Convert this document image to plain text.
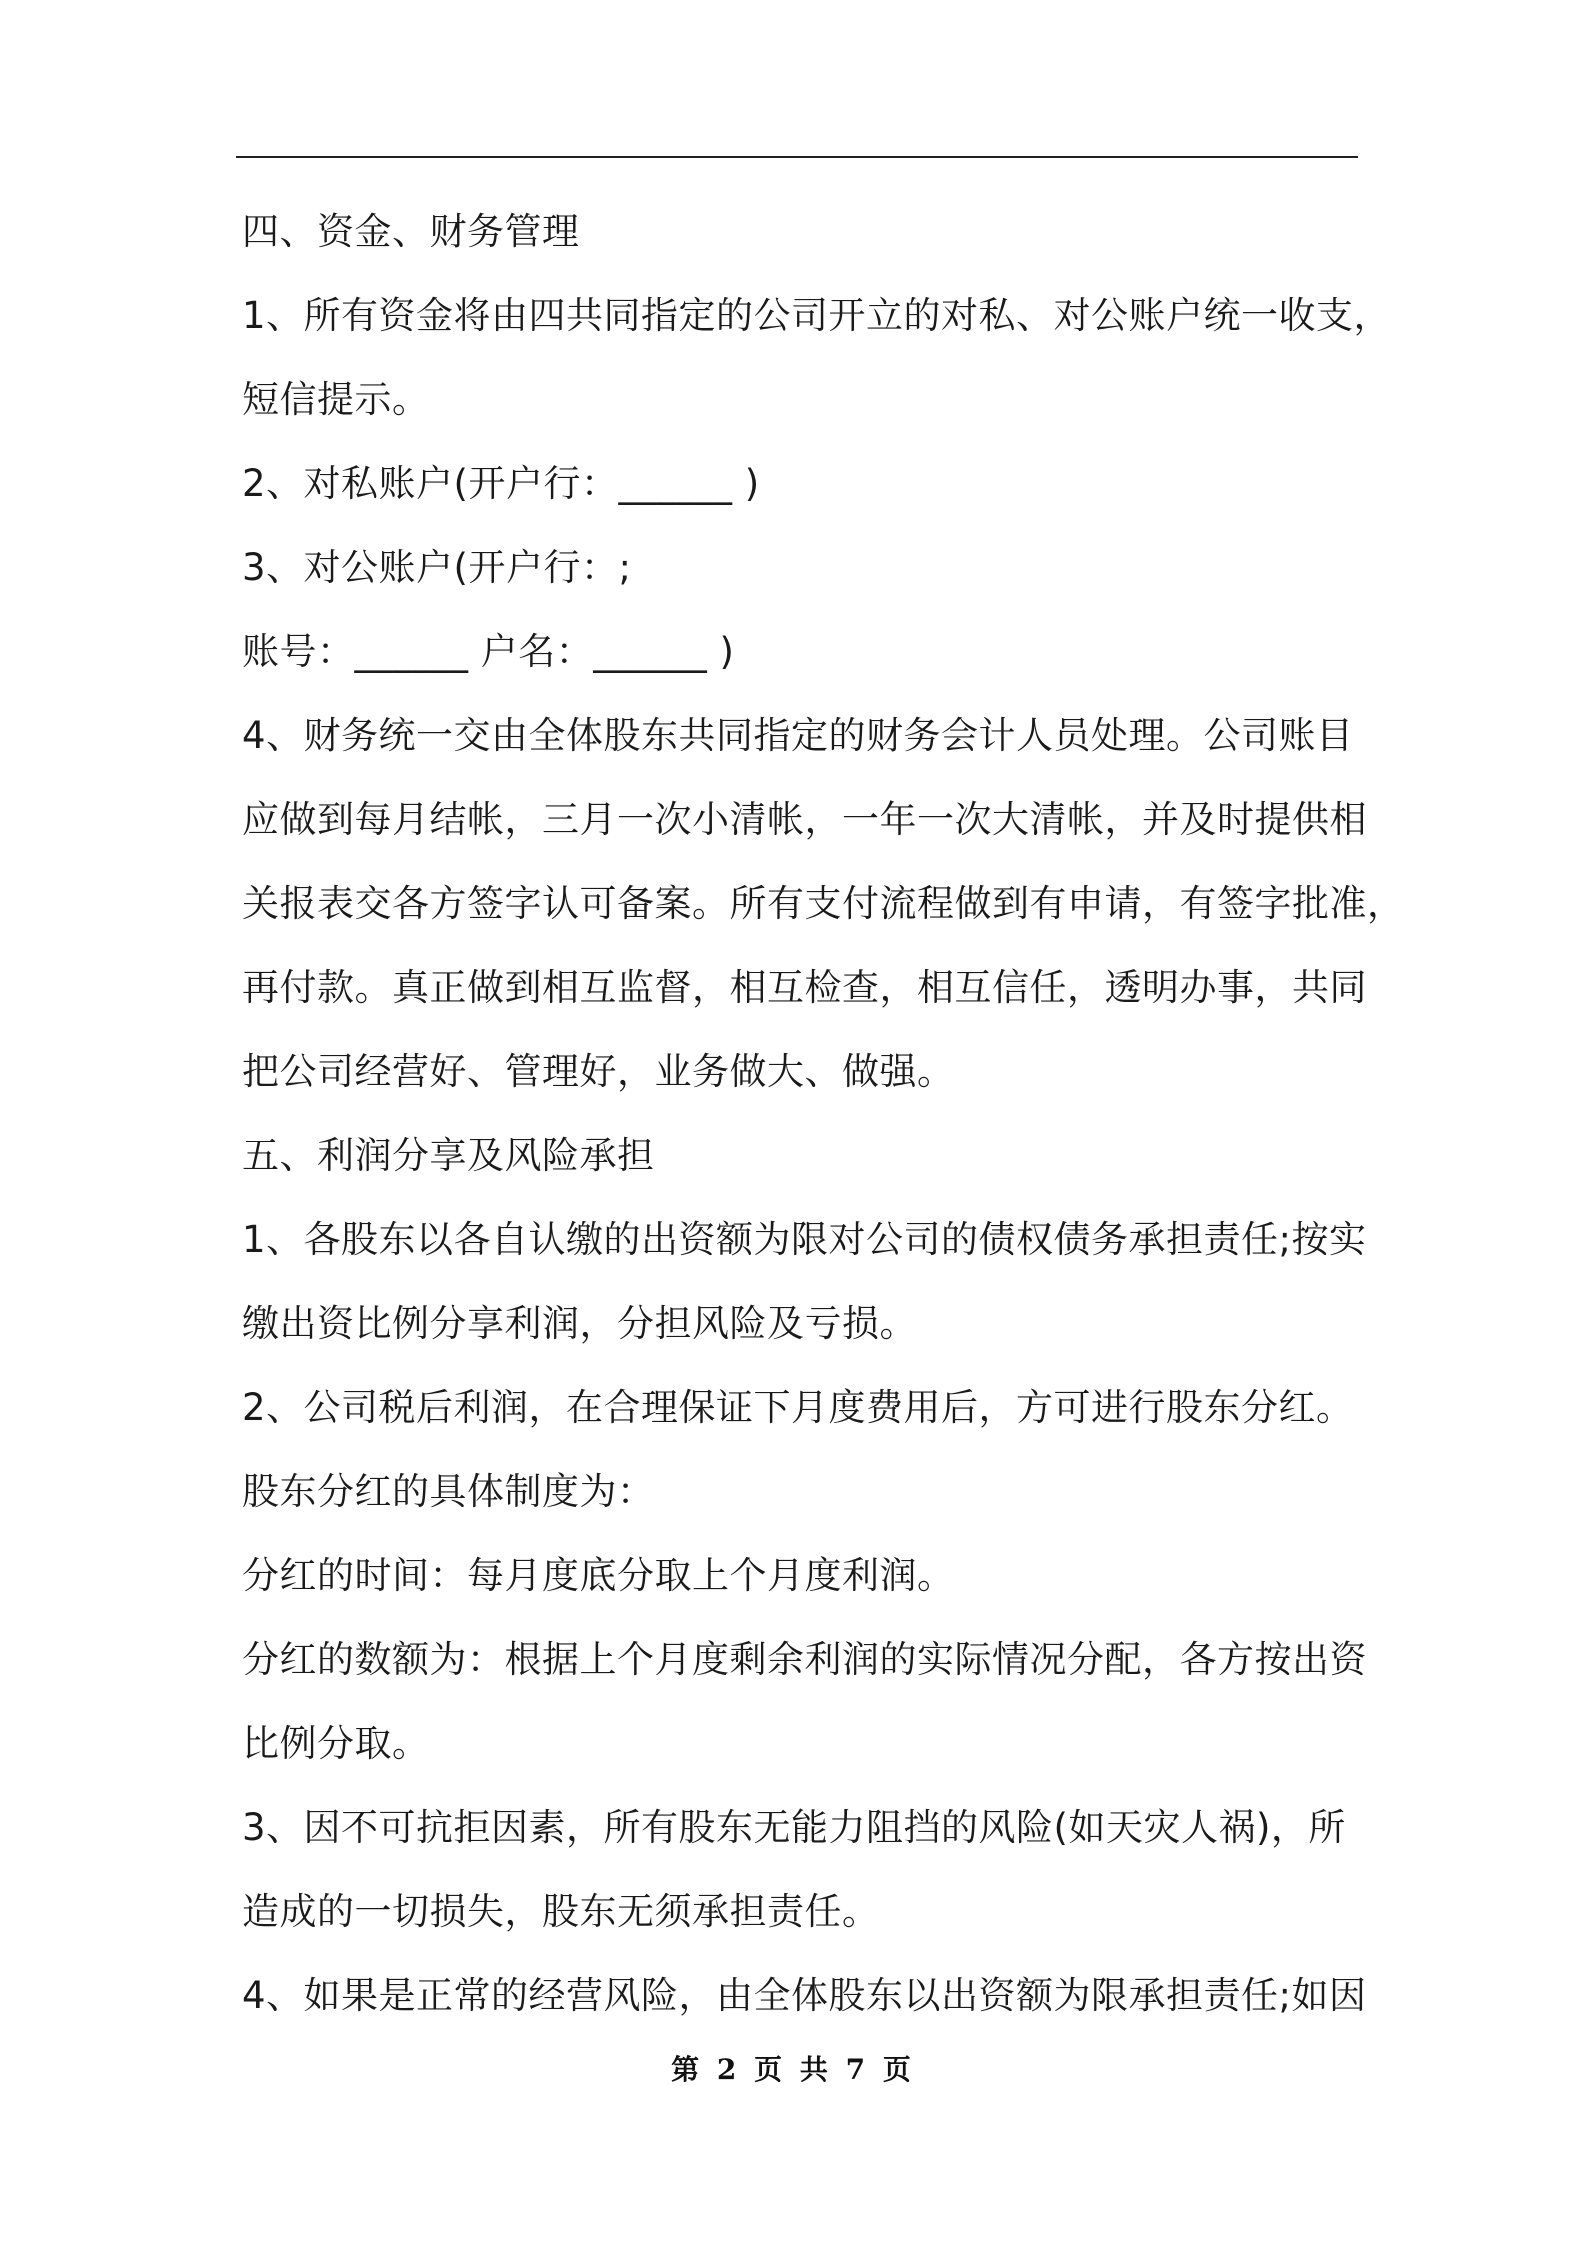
四、资金、财务管理
1、所有资金将由四共同指定的公司开立的对私、对公账户统一收支，
短信提示。
2、对私账户(开户行：______ )
3、对公账户(开户行：;
账号：______ 户名：______ )
4、财务统一交由全体股东共同指定的财务会计人员处理。公司账目
应做到每月结帐，三月一次小清帐，一年一次大清帐，并及时提供相
关报表交各方签字认可备案。所有支付流程做到有申请，有签字批准，
再付款。真正做到相互监督，相互检查，相互信任，透明办事，共同
把公司经营好、管理好，业务做大、做强。
五、利润分享及风险承担
1、各股东以各自认缴的出资额为限对公司的债权债务承担责任;按实
缴出资比例分享利润，分担风险及亏损。
2、公司税后利润，在合理保证下月度费用后，方可进行股东分红。
股东分红的具体制度为：
分红的时间：每月度底分取上个月度利润。
分红的数额为：根据上个月度剩余利润的实际情况分配，各方按出资
比例分取。
3、因不可抗拒因素，所有股东无能力阻挡的风险(如天灾人祸)，所
造成的一切损失，股东无须承担责任。
4、如果是正常的经营风险，由全体股东以出资额为限承担责任;如因
第 2 页 共 7 页
